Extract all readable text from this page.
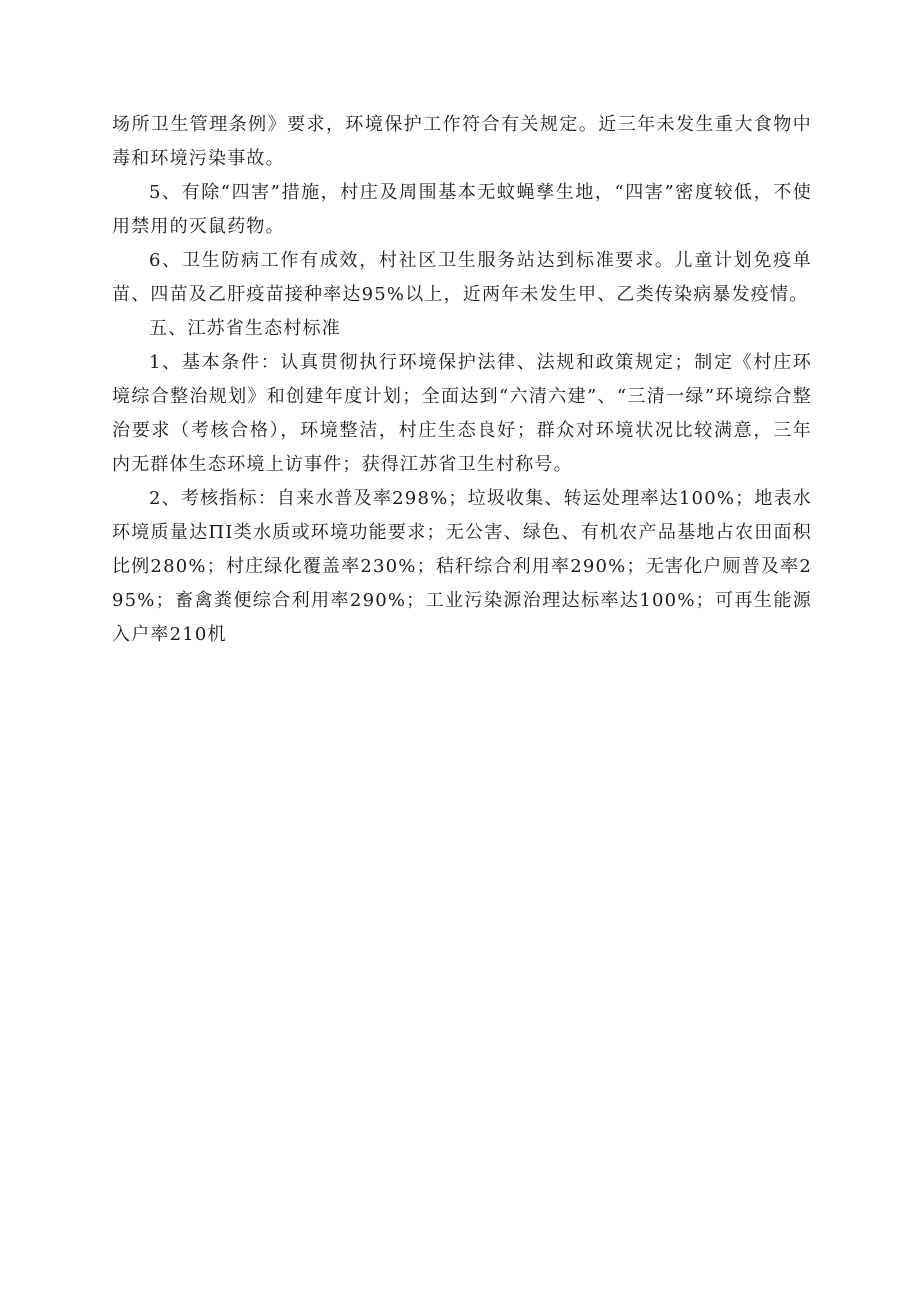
场所卫生管理条例》要求，环境保护工作符合有关规定。近三年未发生重大食物中毒和环境污染事故。

5、有除“四害”措施，村庄及周围基本无蚊蝇孳生地，“四害”密度较低，不使用禁用的灭鼠药物。

6、卫生防病工作有成效，村社区卫生服务站达到标准要求。儿童计划免疫单苗、四苗及乙肝疫苗接种率达95%以上，近两年未发生甲、乙类传染病暴发疫情。

五、江苏省生态村标准

1、基本条件：认真贯彻执行环境保护法律、法规和政策规定；制定《村庄环境综合整治规划》和创建年度计划；全面达到“六清六建”、“三清一绿”环境综合整治要求（考核合格），环境整洁，村庄生态良好；群众对环境状况比较满意，三年内无群体生态环境上访事件；获得江苏省卫生村称号。

2、考核指标：自来水普及率298%；垃圾收集、转运处理率达100%；地表水环境质量达ΠI类水质或环境功能要求；无公害、绿色、有机农产品基地占农田面积比例280%；村庄绿化覆盖率230%；秸秆综合利用率290%；无害化户厕普及率295%；畜禽粪便综合利用率290%；工业污染源治理达标率达100%；可再生能源入户率210机
